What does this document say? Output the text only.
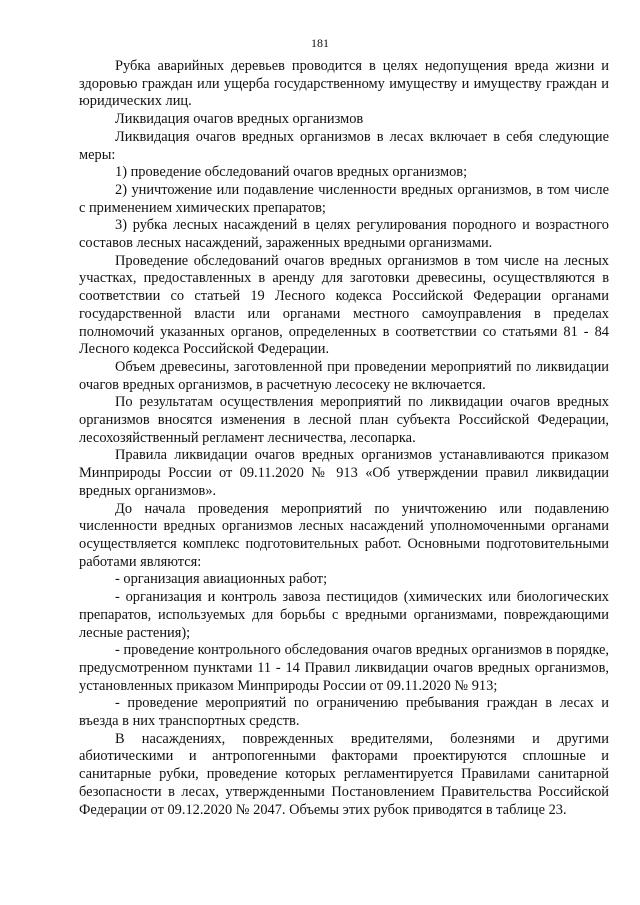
181

Рубка аварийных деревьев проводится в целях недопущения вреда жизни и здоровью граждан или ущерба государственному имуществу и имуществу граждан и юридических лиц.

Ликвидация очагов вредных организмов

Ликвидация очагов вредных организмов в лесах включает в себя следующие меры:

1) проведение обследований очагов вредных организмов;

2) уничтожение или подавление численности вредных организмов, в том числе с применением химических препаратов;

3) рубка лесных насаждений в целях регулирования породного и возрастного составов лесных насаждений, зараженных вредными организмами.

Проведение обследований очагов вредных организмов в том числе на лесных участках, предоставленных в аренду для заготовки древесины, осуществляются в соответствии со статьей 19 Лесного кодекса Российской Федерации органами государственной власти или органами местного самоуправления в пределах полномочий указанных органов, определенных в соответствии со статьями 81 - 84 Лесного кодекса Российской Федерации.

Объем древесины, заготовленной при проведении мероприятий по ликвидации очагов вредных организмов, в расчетную лесосеку не включается.

По результатам осуществления мероприятий по ликвидации очагов вредных организмов вносятся изменения в лесной план субъекта Российской Федерации, лесохозяйственный регламент лесничества, лесопарка.

Правила ликвидации очагов вредных организмов устанавливаются приказом Минприроды России от 09.11.2020 № 913 «Об утверждении правил ликвидации вредных организмов».

До начала проведения мероприятий по уничтожению или подавлению численности вредных организмов лесных насаждений уполномоченными органами осуществляется комплекс подготовительных работ. Основными подготовительными работами являются:

- организация авиационных работ;

- организация и контроль завоза пестицидов (химических или биологических препаратов, используемых для борьбы с вредными организмами, повреждающими лесные растения);

- проведение контрольного обследования очагов вредных организмов в порядке, предусмотренном пунктами 11 - 14 Правил ликвидации очагов вредных организмов, установленных приказом Минприроды России от 09.11.2020 № 913;

- проведение мероприятий по ограничению пребывания граждан в лесах и въезда в них транспортных средств.

В насаждениях, поврежденных вредителями, болезнями и другими абиотическими и антропогенными факторами проектируются сплошные и санитарные рубки, проведение которых регламентируется Правилами санитарной безопасности в лесах, утвержденными Постановлением Правительства Российской Федерации от 09.12.2020 № 2047. Объемы этих рубок приводятся в таблице 23.
